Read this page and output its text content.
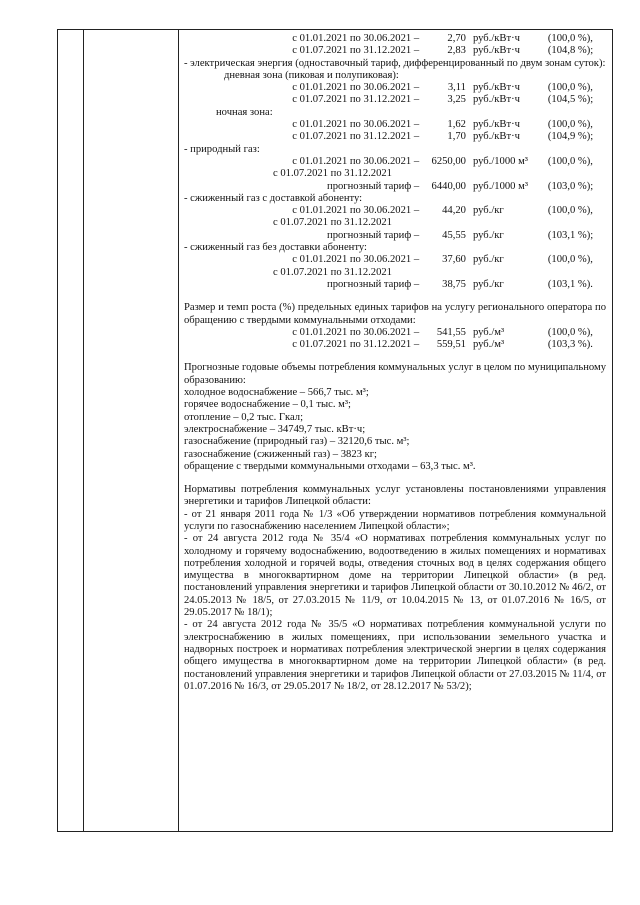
с 01.01.2021 по 30.06.2021 –	2,70 руб./кВт·ч	(100,0 %),
с 01.07.2021 по 31.12.2021 –	2,83 руб./кВт·ч	(104,8 %);
- электрическая энергия (одноставочный тариф, дифференцированный по двум зонам суток):
дневная зона (пиковая и полупиковая):
с 01.01.2021 по 30.06.2021 –	3,11 руб./кВт·ч	(100,0 %),
с 01.07.2021 по 31.12.2021 –	3,25 руб./кВт·ч	(104,5 %);
ночная зона:
с 01.01.2021 по 30.06.2021 –	1,62 руб./кВт·ч	(100,0 %),
с 01.07.2021 по 31.12.2021 –	1,70 руб./кВт·ч	(104,9 %);
- природный газ:
с 01.01.2021 по 30.06.2021 –	6250,00 руб./1000 м³	(100,0 %),
с 01.07.2021 по 31.12.2021
прогнозный тариф –	6440,00 руб./1000 м³	(103,0 %);
- сжиженный газ с доставкой абоненту:
с 01.01.2021 по 30.06.2021 –	44,20 руб./кг	(100,0 %),
с 01.07.2021 по 31.12.2021
прогнозный тариф –	45,55 руб./кг	(103,1 %);
- сжиженный газ без доставки абоненту:
с 01.01.2021 по 30.06.2021 –	37,60 руб./кг	(100,0 %),
с 01.07.2021 по 31.12.2021
прогнозный тариф –	38,75 руб./кг	(103,1 %).
Размер и темп роста (%) предельных единых тарифов на услугу регионального оператора по обращению с твердыми коммунальными отходами:
с 01.01.2021 по 30.06.2021 –	541,55 руб./м³	(100,0 %),
с 01.07.2021 по 31.12.2021 –	559,51 руб./м³	(103,3 %).
Прогнозные годовые объемы потребления коммунальных услуг в целом по муниципальному образованию:
холодное водоснабжение – 566,7 тыс. м³;
горячее водоснабжение – 0,1 тыс. м³;
отопление – 0,2 тыс. Гкал;
электроснабжение – 34749,7 тыс. кВт·ч;
газоснабжение (природный газ) – 32120,6 тыс. м³;
газоснабжение (сжиженный газ) – 3823 кг;
обращение с твердыми коммунальными отходами – 63,3 тыс. м³.
Нормативы потребления коммунальных услуг установлены постановлениями управления энергетики и тарифов Липецкой области:
- от 21 января 2011 года № 1/3 «Об утверждении нормативов потребления коммунальной услуги по газоснабжению населением Липецкой области»;
- от 24 августа 2012 года № 35/4 «О нормативах потребления коммунальных услуг по холодному и горячему водоснабжению, водоотведению в жилых помещениях и нормативах потребления холодной и горячей воды, отведения сточных вод в целях содержания общего имущества в многоквартирном доме на территории Липецкой области» (в ред. постановлений управления энергетики и тарифов Липецкой области от 30.10.2012 № 46/2, от 24.05.2013 № 18/5, от 27.03.2015 № 11/9, от 10.04.2015 № 13, от 01.07.2016 № 16/5, от 29.05.2017 № 18/1);
- от 24 августа 2012 года № 35/5 «О нормативах потребления коммунальной услуги по электроснабжению в жилых помещениях, при использовании земельного участка и надворных построек и нормативах потребления электрической энергии в целях содержания общего имущества в многоквартирном доме на территории Липецкой области» (в ред. постановлений управления энергетики и тарифов Липецкой области от 27.03.2015 № 11/4, от 01.07.2016 № 16/3, от 29.05.2017 № 18/2, от 28.12.2017 № 53/2);
